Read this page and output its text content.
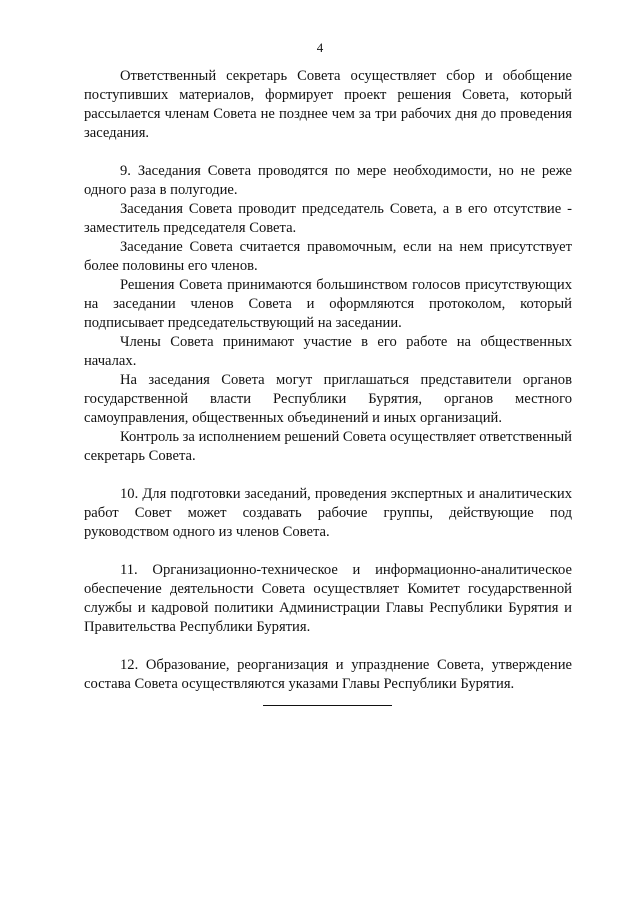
4

Ответственный секретарь Совета осуществляет сбор и обобщение поступивших материалов, формирует проект решения Совета, который рассылается членам Совета не позднее чем за три рабочих дня до проведения заседания.

9. Заседания Совета проводятся по мере необходимости, но не реже одного раза в полугодие.

Заседания Совета проводит председатель Совета, а в его отсутствие - заместитель председателя Совета.

Заседание Совета считается правомочным, если на нем присутствует более половины его членов.

Решения Совета принимаются большинством голосов присутствующих на заседании членов Совета и оформляются протоколом, который подписывает председательствующий на заседании.

Члены Совета принимают участие в его работе на общественных началах.

На заседания Совета могут приглашаться представители органов государственной власти Республики Бурятия, органов местного самоуправления, общественных объединений и иных организаций.

Контроль за исполнением решений Совета осуществляет ответственный секретарь Совета.

10. Для подготовки заседаний, проведения экспертных и аналитических работ Совет может создавать рабочие группы, действующие под руководством одного из членов Совета.

11. Организационно-техническое и информационно-аналитическое обеспечение деятельности Совета осуществляет Комитет государственной службы и кадровой политики Администрации Главы Республики Бурятия и Правительства Республики Бурятия.

12. Образование, реорганизация и упразднение Совета, утверждение состава Совета осуществляются указами Главы Республики Бурятия.
